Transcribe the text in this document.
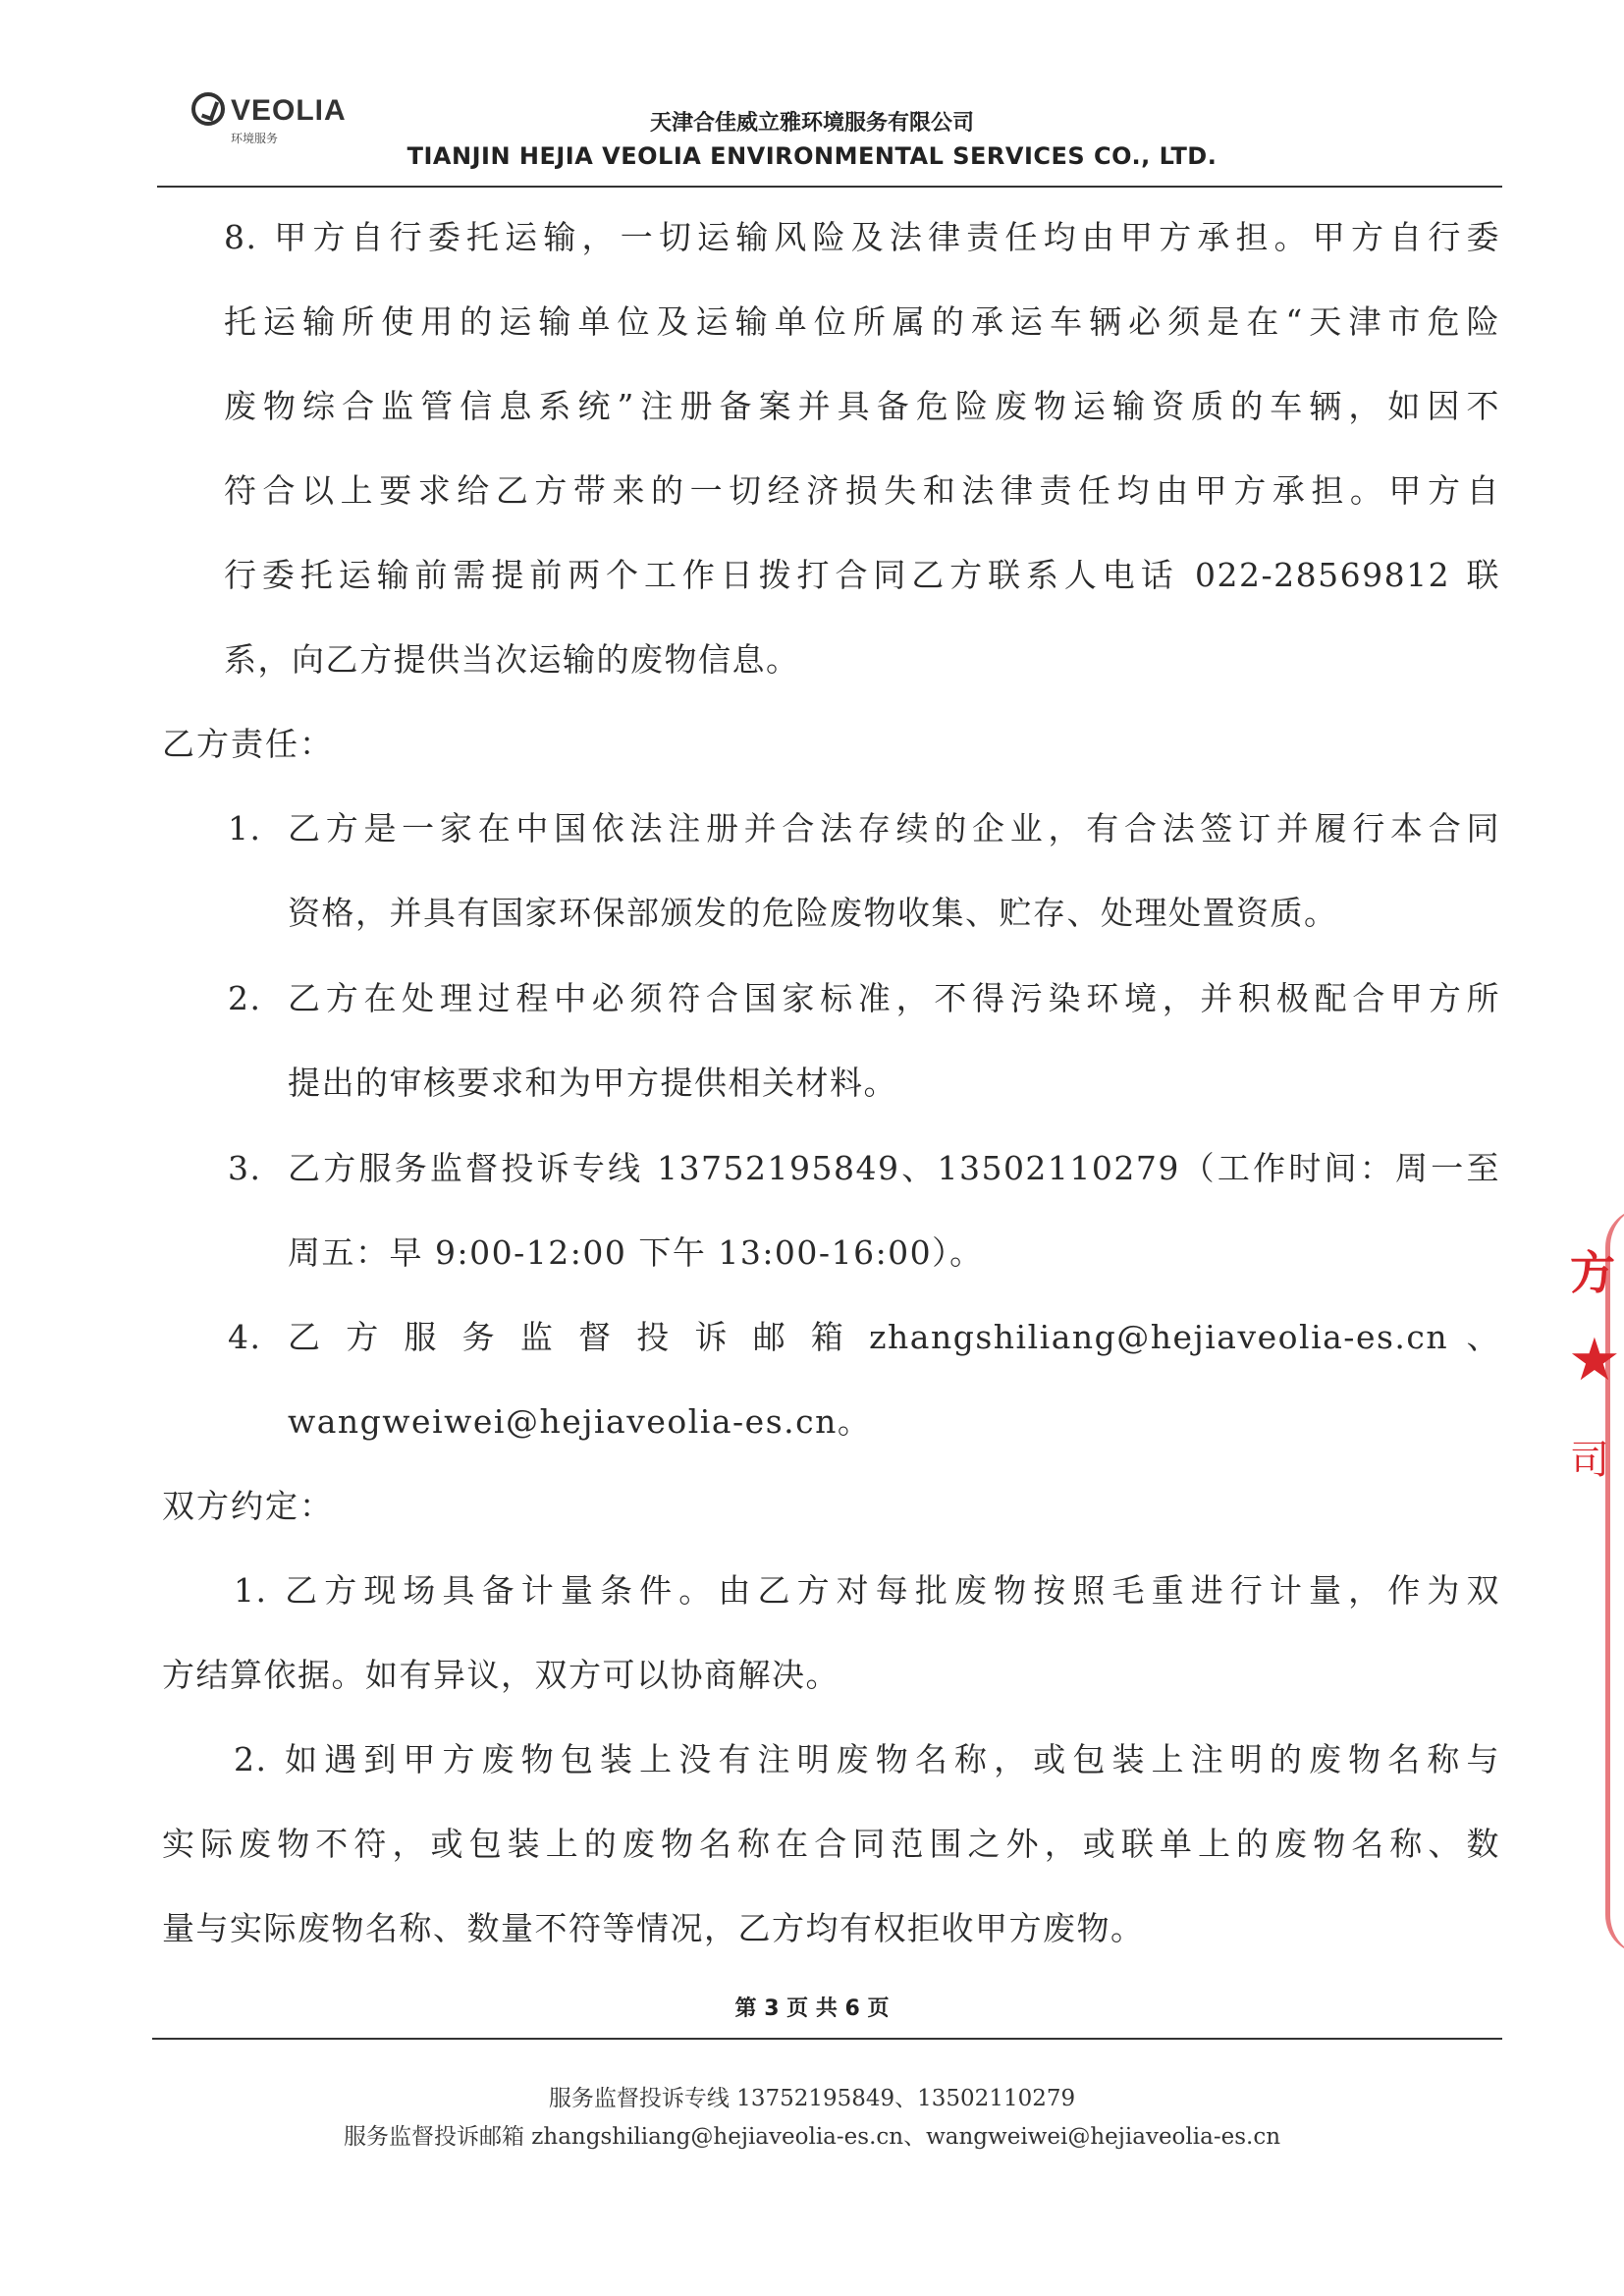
VEOLIA
环境服务
天津合佳威立雅环境服务有限公司
TIANJIN HEJIA VEOLIA ENVIRONMENTAL SERVICES CO., LTD.
8. 甲方自行委托运输，一切运输风险及法律责任均由甲方承担。甲方自行委
托运输所使用的运输单位及运输单位所属的承运车辆必须是在“天津市危险
废物综合监管信息系统”注册备案并具备危险废物运输资质的车辆，如因不
符合以上要求给乙方带来的一切经济损失和法律责任均由甲方承担。甲方自
行委托运输前需提前两个工作日拨打合同乙方联系人电话 022-28569812 联
系，向乙方提供当次运输的废物信息。
乙方责任：
1. 乙方是一家在中国依法注册并合法存续的企业，有合法签订并履行本合同
资格，并具有国家环保部颁发的危险废物收集、贮存、处理处置资质。
2. 乙方在处理过程中必须符合国家标准，不得污染环境，并积极配合甲方所
提出的审核要求和为甲方提供相关材料。
3. 乙方服务监督投诉专线 13752195849、13502110279（工作时间：周一至
周五：早 9:00-12:00 下午 13:00-16:00）。
4. 乙 方 服 务 监 督 投 诉 邮 箱 zhangshiliang@hejiaveolia-es.cn 、
wangweiwei@hejiaveolia-es.cn。
双方约定：
1. 乙方现场具备计量条件。由乙方对每批废物按照毛重进行计量，作为双
方结算依据。如有异议，双方可以协商解决。
2. 如遇到甲方废物包装上没有注明废物名称，或包装上注明的废物名称与
实际废物不符，或包装上的废物名称在合同范围之外，或联单上的废物名称、数
量与实际废物名称、数量不符等情况，乙方均有权拒收甲方废物。
第 3 页 共 6 页
服务监督投诉专线 13752195849、13502110279
服务监督投诉邮箱 zhangshiliang@hejiaveolia-es.cn、wangweiwei@hejiaveolia-es.cn
方
★
司
